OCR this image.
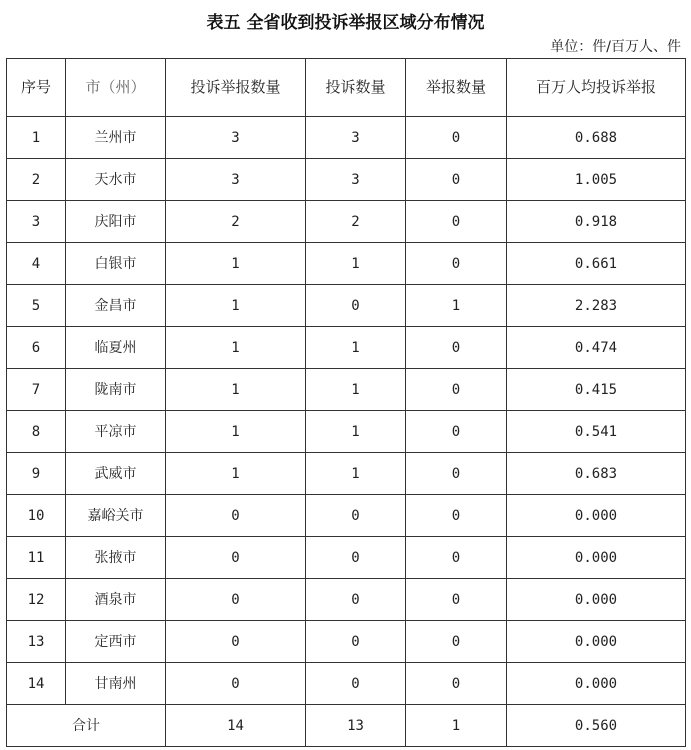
表五 全省收到投诉举报区域分布情况
单位：件/百万人、件
序号	市（州）	投诉举报数量	投诉数量	举报数量	百万人均投诉举报
1	兰州市	3	3	0	0.688
2	天水市	3	3	0	1.005
3	庆阳市	2	2	0	0.918
4	白银市	1	1	0	0.661
5	金昌市	1	0	1	2.283
6	临夏州	1	1	0	0.474
7	陇南市	1	1	0	0.415
8	平凉市	1	1	0	0.541
9	武威市	1	1	0	0.683
10	嘉峪关市	0	0	0	0.000
11	张掖市	0	0	0	0.000
12	酒泉市	0	0	0	0.000
13	定西市	0	0	0	0.000
14	甘南州	0	0	0	0.000
合计		14	13	1	0.560
